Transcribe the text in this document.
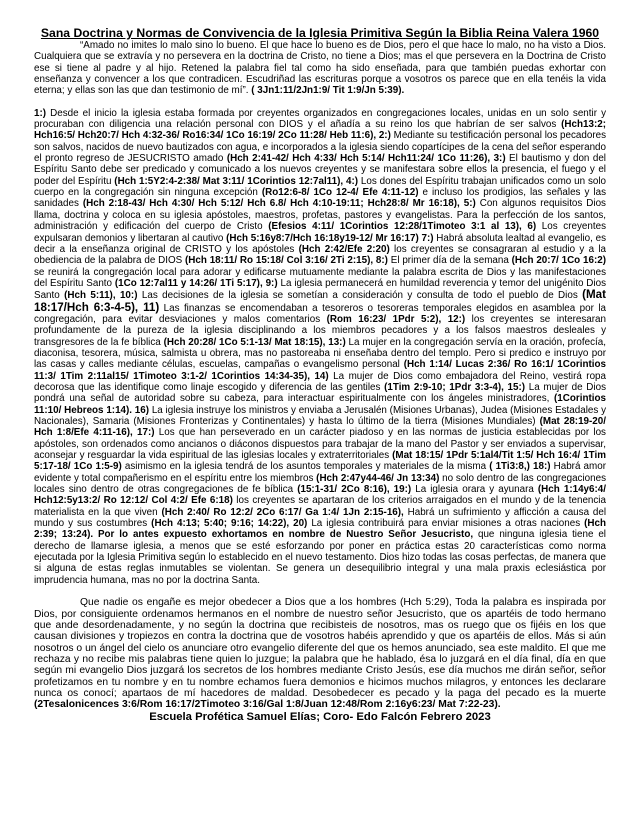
Sana Doctrina y Normas de Convivencia de la Iglesia Primitiva Según la Biblia Reina Valera 1960

“Amado no imites lo malo sino lo bueno. El que hace lo bueno es de Dios, pero el que hace lo malo, no ha visto a Dios. Cualquiera que se extravía y no persevera en la doctrina de Cristo, no tiene a Dios; mas el que persevera en la Doctrina de Cristo ese si tiene al padre y al hijo. Retened la palabra fiel tal como ha sido enseñada, para que también puedas exhortar con enseñanza y convencer a los que contradicen. Escudriñad las escrituras porque a vosotros os parece que en ella tenéis la vida eterna; y ellas son las que dan testimonio de mí”. ( 3Jn1:11/2Jn1:9/ Tit 1:9/Jn 5:39).

1:) Desde el inicio la iglesia estaba formada por creyentes organizados en congregaciones locales, unidas en un solo sentir y procuraban con diligencia una relación personal con DIOS y el añadía a su reino los que habrían de ser salvos (Hch13:2; Hch16:5/ Hch20:7/ Hch 4:32-36/ Ro16:34/ 1Co 16:19/ 2Co 11:28/ Heb 11:6), 2:) Mediante su testificación personal los pecadores son salvos, nacidos de nuevo bautizados con agua, e incorporados a la iglesia siendo copartícipes de la cena del señor esperando el pronto regreso de JESUCRISTO amado (Hch 2:41-42/ Hch 4:33/ Hch 5:14/ Hch11:24/ 1Co 11:26), 3:) El bautismo y don del Espíritu Santo debe ser predicado y comunicado a los nuevos creyentes y se manifestara sobre ellos la presencia, el fuego y el poder del Espíritu (Hch 1:5Y2:4-2:38/ Mat 3:11/ 1Corintios 12:7al11), 4:) Los dones del Espíritu trabajan unificados como un solo cuerpo en la congregación sin ninguna excepción (Ro12:6-8/ 1Co 12-4/ Efe 4:11-12) e incluso los prodigios, las señales y las sanidades (Hch 2:18-43/ Hch 4:30/ Hch 5:12/ Hch 6.8/ Hch 4:10-19:11; Hch28:8/ Mr 16:18), 5:) Con algunos requisitos Dios llama, doctrina y coloca en su iglesia apóstoles, maestros, profetas, pastores y evangelistas. Para la perfección de los santos, administración y edificación del cuerpo de Cristo (Efesios 4:11/ 1Corintios 12:28/1Timoteo 3:1 al 13), 6) Los creyentes expulsaran demonios y libertaran al cautivo (Hch 5:16y8:7/Hch 16:18y19-12/ Mr 16:17) 7:) Habrá absoluta lealtad al evangelio, es decir a la enseñanza original de CRISTO y los apóstoles (Hch 2:42/Efe 2:20) los creyentes se consagraran al estudio y a la obediencia de la palabra de DIOS (Hch 18:11/ Ro 15:18/ Col 3:16/ 2Ti 2:15), 8:) El primer día de la semana (Hch 20:7/ 1Co 16:2) se reunirá la congregación local para adorar y edificarse mutuamente mediante la palabra escrita de Dios y las manifestaciones del Espíritu Santo (1Co 12:7al11 y 14:26/ 1Ti 5:17), 9:) La iglesia permanecerá en humildad reverencia y temor del unigénito Dios Santo (Hch 5:11), 10:) Las decisiones de la iglesia se sometían a consideración y consulta de todo el pueblo de Dios (Mat 18:17/Hch 6:3-4-5), 11) Las finanzas se encomendaban a tesoreros o tesoreras temporales elegidos en asamblea por la congregación, para evitar desviaciones y malos comentarios (Rom 16:23/ 1Pdr 5:2), 12:) los creyentes se interesaran profundamente de la pureza de la iglesia disciplinando a los miembros pecadores y a los falsos maestros desleales y transgresores de la fe bíblica (Hch 20:28/ 1Co 5:1-13/ Mat 18:15), 13:) La mujer en la congregación servía en la oración, profecía, diaconisa, tesorera, música, salmista u obrera, mas no pastoreaba ni enseñaba dentro del templo. Pero si predico e instruyo por las casas y calles mediante células, escuelas, campañas o evangelismo personal (Hch 1:14/ Lucas 2:36/ Ro 16:1/ 1Corintios 11:3/ 1Tim 2:11al15/ 1Timoteo 3:1-2/ 1Corintios 14:34-35), 14) La mujer de Dios como embajadora del Reino, vestirá ropa decorosa que las identifique como linaje escogido y diferencia de las gentiles (1Tim 2:9-10; 1Pdr 3:3-4), 15:) La mujer de Dios pondrá una señal de autoridad sobre su cabeza, para interactuar espiritualmente con los ángeles ministradores, (1Corintios 11:10/ Hebreos 1:14). 16) La iglesia instruye los ministros y enviaba a Jerusalén (Misiones Urbanas), Judea (Misiones Estadales y Nacionales), Samaria (Misiones Fronterizas y Continentales) y hasta lo último de la tierra (Misiones Mundiales) (Mat 28:19-20/ Hch 1:8/Efe 4:11-16), 17:) Los que han perseverado en un carácter piadoso y en las normas de justicia establecidas por los apóstoles, son ordenados como ancianos o diáconos dispuestos para trabajar de la mano del Pastor y ser enviados a supervisar, aconsejar y resguardar la vida espiritual de las iglesias locales y extraterritoriales (Mat 18:15/ 1Pdr 5:1al4/Tit 1:5/ Hch 16:4/ 1Tim 5:17-18/ 1Co 1:5-9) asimismo en la iglesia tendrá de los asuntos temporales y materiales de la misma ( 1Ti3:8,) 18:) Habrá amor evidente y total compañerismo en el espíritu entre los miembros (Hch 2:47y44-46/ Jn 13:34) no solo dentro de las congregaciones locales sino dentro de otras congregaciones de fe bíblica (15:1-31/ 2Co 8:16), 19:) La iglesia orara y ayunara (Hch 1:14y6:4/ Hch12:5y13:2/ Ro 12:12/ Col 4:2/ Efe 6:18) los creyentes se apartaran de los criterios arraigados en el mundo y de la tenencia materialista en la que viven (Hch 2:40/ Ro 12:2/ 2Co 6:17/ Ga 1:4/ 1Jn 2:15-16), Habrá un sufrimiento y afficción a causa del mundo y sus costumbres (Hch 4:13; 5:40; 9:16; 14:22), 20) La iglesia contribuirá para enviar misiones a otras naciones (Hch 2:39; 13:24). Por lo antes expuesto exhortamos en nombre de Nuestro Señor Jesucristo, que ninguna iglesia tiene el derecho de llamarse iglesia, a menos que se esté esforzando por poner en práctica estas 20 características como norma ejecutada por la Iglesia Primitiva según lo establecido en el nuevo testamento. Dios hizo todas las cosas perfectas, de manera que si alguna de estas reglas inmutables se violentan. Se genera un desequilibrio integral y una mala praxis eclesiástica por imprudencia humana, mas no por la doctrina Santa.

Que nadie os engañe es mejor obedecer a Dios que a los hombres (Hch 5:29), Toda la palabra es inspirada por Dios, por consiguiente ordenamos hermanos en el nombre de nuestro señor Jesucristo, que os apartéis de todo hermano que ande desordenadamente, y no según la doctrina que recibisteis de nosotros, mas os ruego que os fijéis en los que causan divisiones y tropiezos en contra la doctrina que de vosotros habéis aprendido y que os apartéis de ellos. Más si aún nosotros o un ángel del cielo os anunciare otro evangelio diferente del que os hemos anunciado, sea este maldito. El que me rechaza y no recibe mis palabras tiene quien lo juzgue; la palabra que he hablado, ésa lo juzgará en el día final, día en que según mi evangelio Dios juzgará los secretos de los hombres mediante Cristo Jesús, ese día muchos me dirán señor, señor profetizamos en tu nombre y en tu nombre echamos fuera demonios e hicimos muchos milagros, y entonces les declarare nunca os conocí; apartaos de mí hacedores de maldad. Desobedecer es pecado y la paga del pecado es la muerte (2Tesalonicences 3:6/Rom 16:17/2Timoteo 3:16/Gal 1:8/Juan 12:48/Rom 2:16y6:23/ Mat 7:22-23).

Escuela Profética Samuel Elías; Coro- Edo Falcón Febrero 2023
